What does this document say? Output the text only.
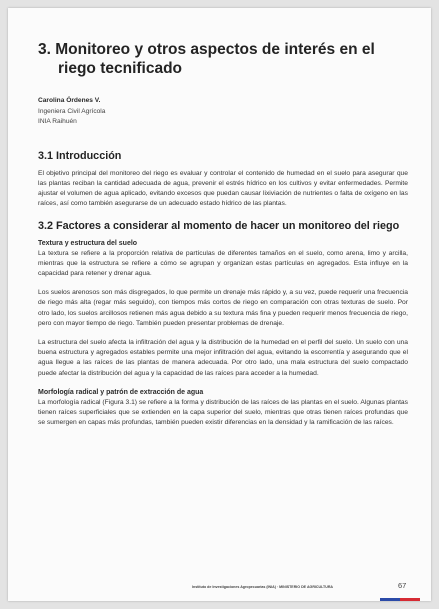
3. Monitoreo y otros aspectos de interés en el riego tecnificado
Carolina Órdenes V.
Ingeniera Civil Agrícola
INIA Raihuén
3.1 Introducción

El objetivo principal del monitoreo del riego es evaluar y controlar el contenido de humedad en el suelo para asegurar que las plantas reciban la cantidad adecuada de agua, prevenir el estrés hídrico en los cultivos y evitar enfermedades. Permite ajustar el volumen de agua aplicado, evitando excesos que puedan causar lixiviación de nutrientes o falta de oxígeno en las raíces, así como también asegurarse de un adecuado estado hídrico de las plantas.

3.2 Factores a considerar al momento de hacer un monitoreo del riego
Textura y estructura del suelo

La textura se refiere a la proporción relativa de partículas de diferentes tamaños en el suelo, como arena, limo y arcilla, mientras que la estructura se refiere a cómo se agrupan y organizan estas partículas en agregados. Esta influye en la capacidad para retener y drenar agua.

Los suelos arenosos son más disgregados, lo que permite un drenaje más rápido y, a su vez, puede requerir una frecuencia de riego más alta (regar más seguido), con tiempos más cortos de riego en comparación con otras texturas de suelo. Por otro lado, los suelos arcillosos retienen más agua debido a su textura más fina y pueden requerir menos frecuencia de riego, pero con mayor tiempo de riego. También pueden presentar problemas de drenaje.

La estructura del suelo afecta la infiltración del agua y la distribución de la humedad en el perfil del suelo. Un suelo con una buena estructura y agregados estables permite una mejor infiltración del agua, evitando la escorrentía y asegurando que el agua llegue a las raíces de las plantas de manera adecuada. Por otro lado, una mala estructura del suelo compactado puede afectar la distribución del agua y la capacidad de las raíces para acceder a la humedad.

Morfología radical y patrón de extracción de agua

La morfología radical (Figura 3.1) se refiere a la forma y distribución de las raíces de las plantas en el suelo. Algunas plantas tienen raíces superficiales que se extienden en la capa superior del suelo, mientras que otras tienen raíces profundas que se sumergen en capas más profundas, también pueden existir diferencias en la densidad y la ramificación de las raíces.

Instituto de Investigaciones Agropecuarias (INIA) · MINISTERIO DE AGRICULTURA	67
